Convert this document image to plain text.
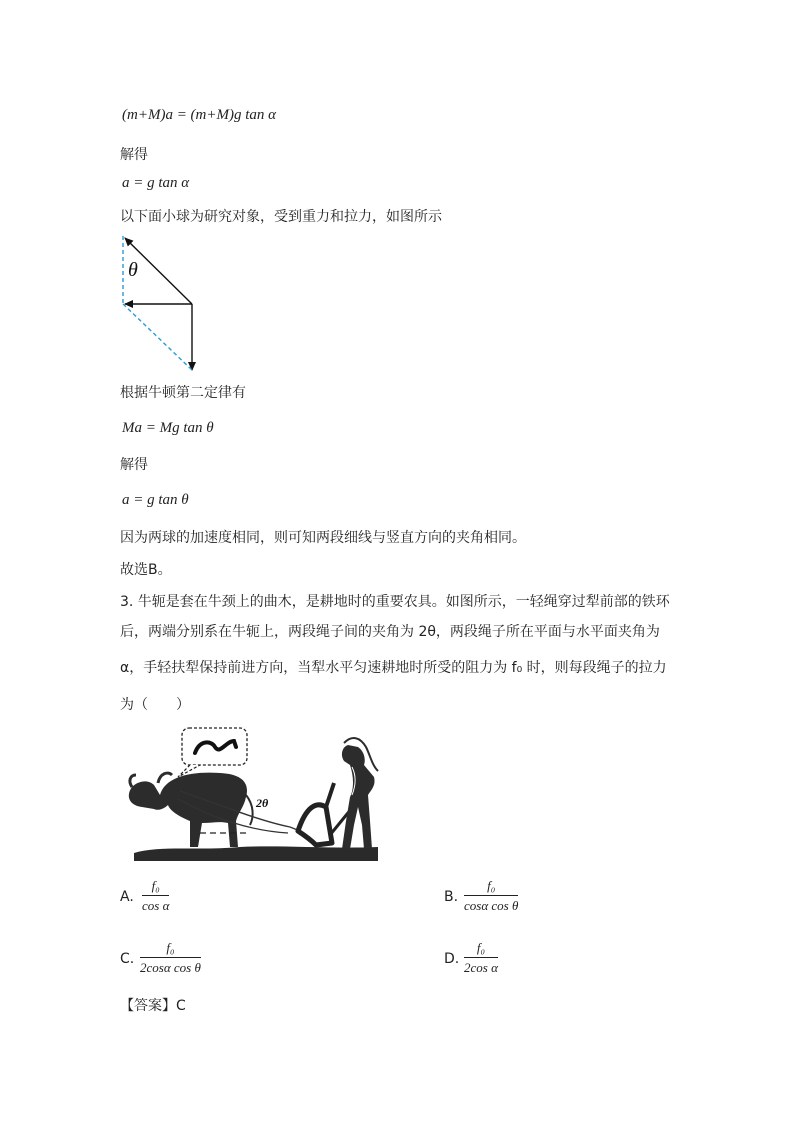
(m+M)a = (m+M)g tan α
解得
a = g tan α
以下面小球为研究对象，受到重力和拉力，如图所示
θ
根据牛顿第二定律有
Ma = Mg tan θ
解得
a = g tan θ
因为两球的加速度相同，则可知两段细线与竖直方向的夹角相同。
故选B。
3. 牛轭是套在牛颈上的曲木，是耕地时的重要农具。如图所示，一轻绳穿过犁前部的铁环
后，两端分别系在牛轭上，两段绳子间的夹角为 2θ，两段绳子所在平面与水平面夹角为
α，手轻扶犁保持前进方向，当犁水平匀速耕地时所受的阻力为 f₀ 时，则每段绳子的拉力
为（　　）
2θ
A. $\frac{\text{f₀}}{\text{cos α}}$	B. $\frac{\text{f₀}}{\text{cosα cos θ}}$
C. $\frac{\text{f₀}}{\text{2cosα cos θ}}$	D. $\frac{\text{f₀}}{\text{2cos α}}$
【答案】C
